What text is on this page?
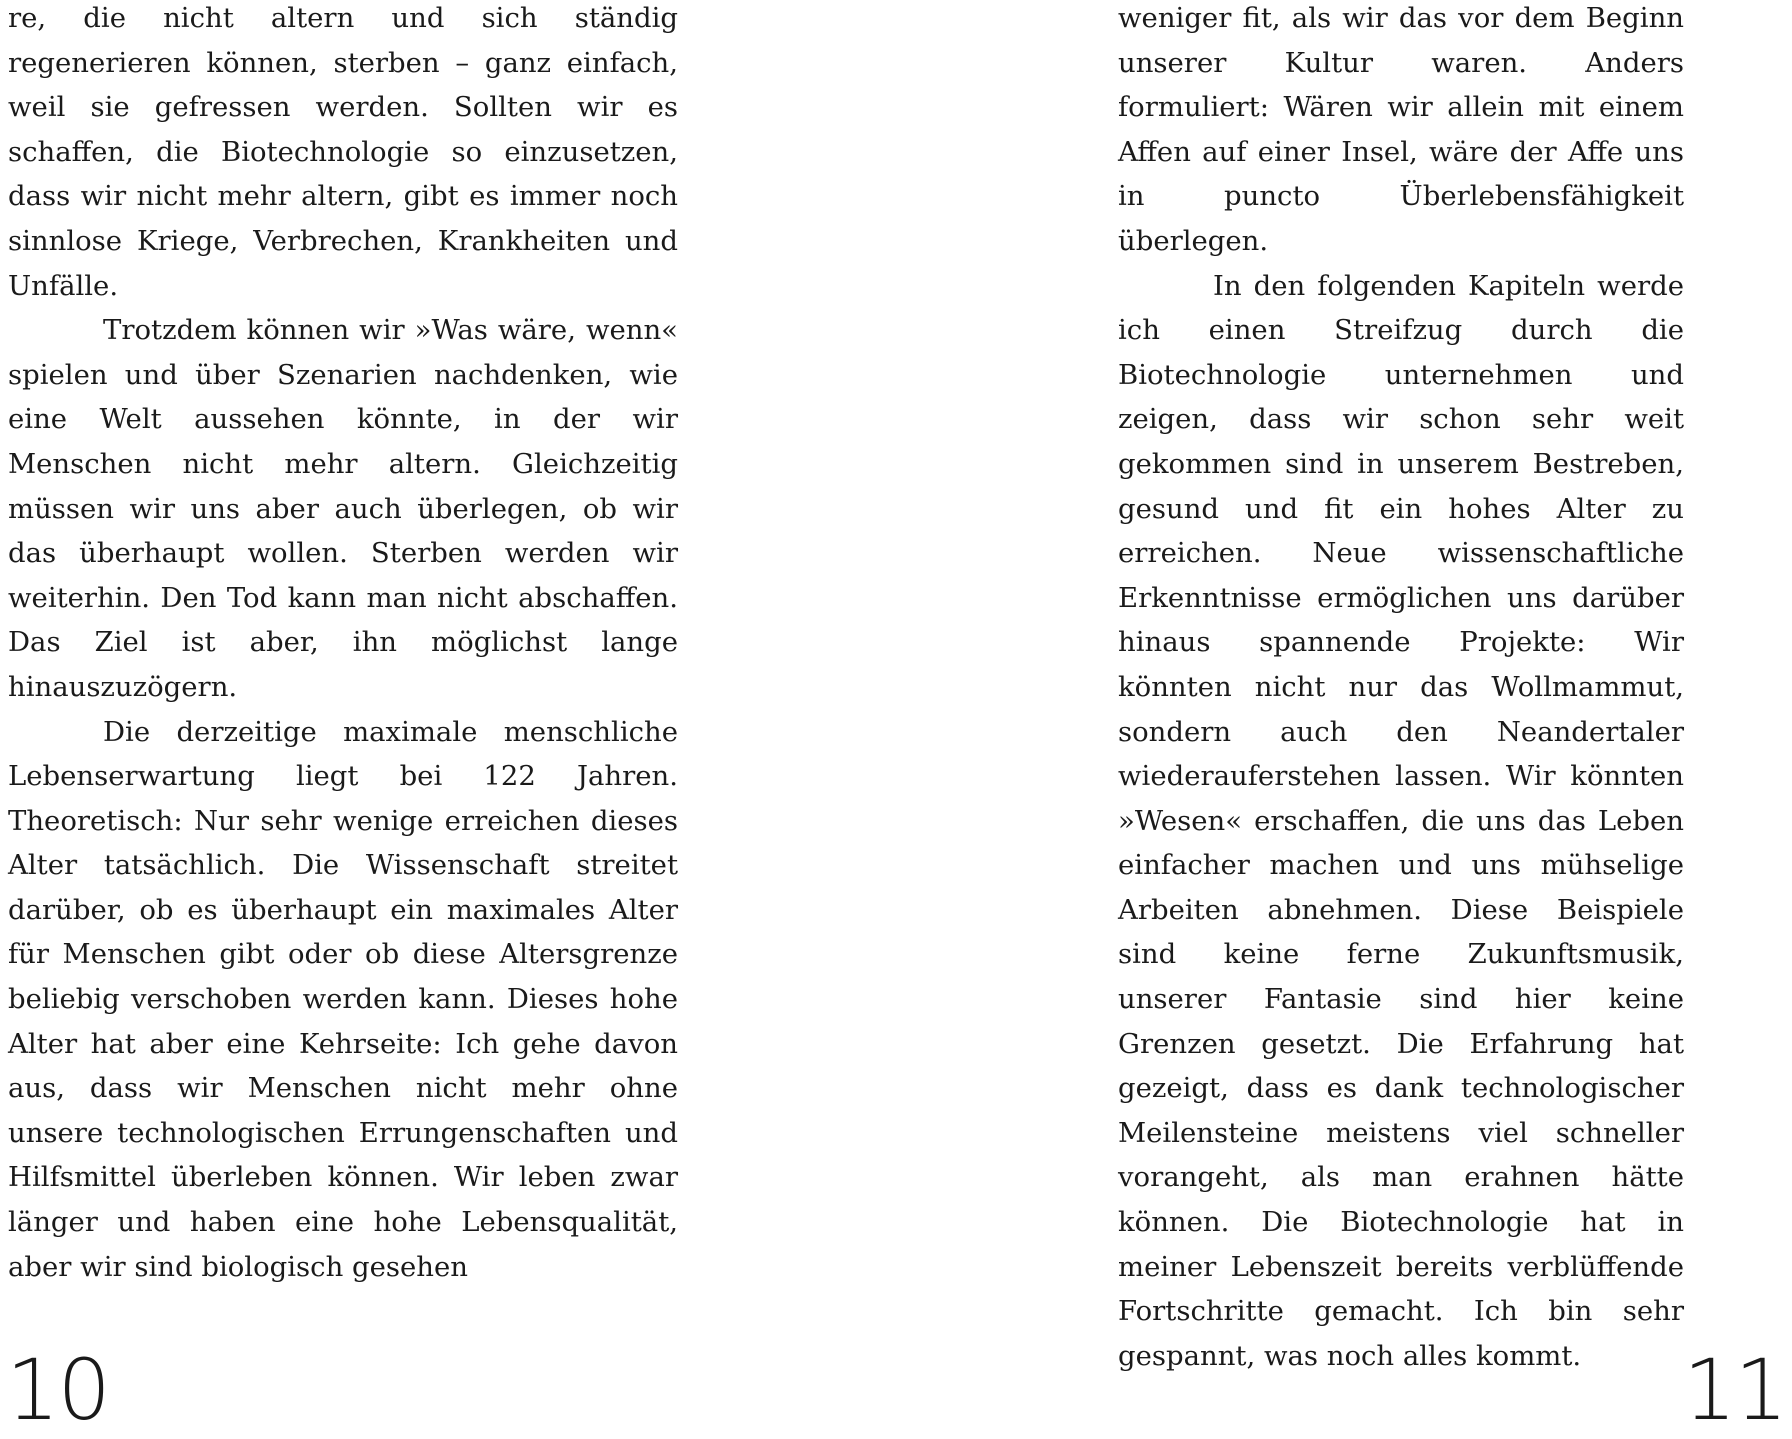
re, die nicht altern und sich ständig regenerieren können, sterben – ganz einfach, weil sie gefressen werden. Sollten wir es schaffen, die Biotechnologie so einzusetzen, dass wir nicht mehr altern, gibt es immer noch sinnlose Kriege, Verbrechen, Krankheiten und Unfälle.

Trotzdem können wir »Was wäre, wenn« spielen und über Szenarien nachdenken, wie eine Welt aussehen könnte, in der wir Menschen nicht mehr altern. Gleichzeitig müssen wir uns aber auch überlegen, ob wir das überhaupt wollen. Sterben werden wir weiterhin. Den Tod kann man nicht abschaffen. Das Ziel ist aber, ihn möglichst lange hinauszuzögern.

Die derzeitige maximale menschliche Lebenserwartung liegt bei 122 Jahren. Theoretisch: Nur sehr wenige erreichen dieses Alter tatsächlich. Die Wissenschaft streitet darüber, ob es überhaupt ein maximales Alter für Menschen gibt oder ob diese Altersgrenze beliebig verschoben werden kann. Dieses hohe Alter hat aber eine Kehrseite: Ich gehe davon aus, dass wir Menschen nicht mehr ohne unsere technologischen Errungenschaften und Hilfsmittel überleben können. Wir leben zwar länger und haben eine hohe Lebensqualität, aber wir sind biologisch gesehen

10

weniger fit, als wir das vor dem Beginn unserer Kultur waren. Anders formuliert: Wären wir allein mit einem Affen auf einer Insel, wäre der Affe uns in puncto Überlebensfähigkeit überlegen.

In den folgenden Kapiteln werde ich einen Streifzug durch die Biotechnologie unternehmen und zeigen, dass wir schon sehr weit gekommen sind in unserem Bestreben, gesund und fit ein hohes Alter zu erreichen. Neue wissenschaftliche Erkenntnisse ermöglichen uns darüber hinaus spannende Projekte: Wir könnten nicht nur das Wollmammut, sondern auch den Neandertaler wiederauferstehen lassen. Wir könnten »Wesen« erschaffen, die uns das Leben einfacher machen und uns mühselige Arbeiten abnehmen. Diese Beispiele sind keine ferne Zukunftsmusik, unserer Fantasie sind hier keine Grenzen gesetzt. Die Erfahrung hat gezeigt, dass es dank technologischer Meilensteine meistens viel schneller vorangeht, als man erahnen hätte können. Die Biotechnologie hat in meiner Lebenszeit bereits verblüffende Fortschritte gemacht. Ich bin sehr gespannt, was noch alles kommt.	11
